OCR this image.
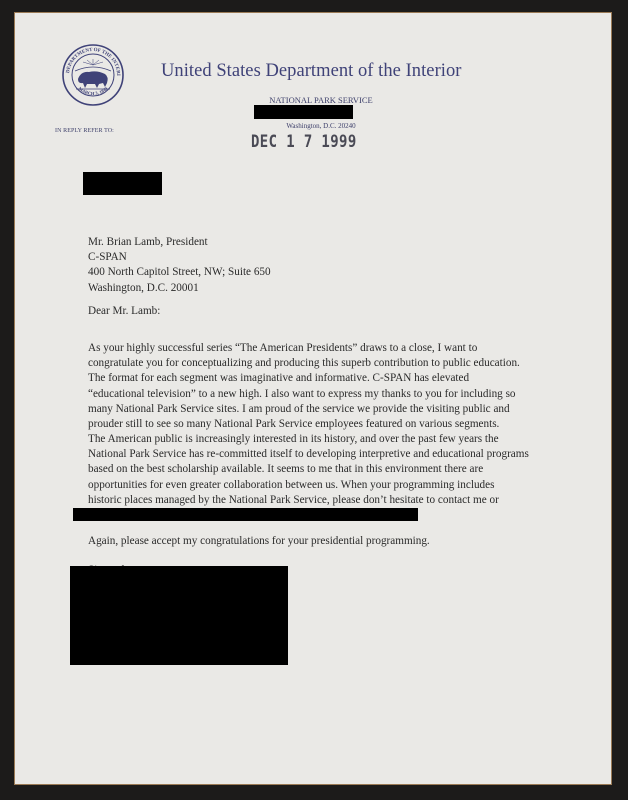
DEPARTMENT OF THE INTERI
MARCH 3, 1849
IN REPLY REFER TO:
United States Department of the Interior
NATIONAL PARK SERVICE
Washington, D.C. 20240
DEC 1 7 1999
Mr. Brian Lamb, President
C-SPAN
400 North Capitol Street, NW; Suite 650
Washington, D.C. 20001
Dear Mr. Lamb:
As your highly successful series “The American Presidents” draws to a close, I want to
congratulate you for conceptualizing and producing this superb contribution to public education.
The format for each segment was imaginative and informative. C-SPAN has elevated
“educational television” to a new high. I also want to express my thanks to you for including so
many National Park Service sites. I am proud of the service we provide the visiting public and
prouder still to see so many National Park Service employees featured on various segments.
The American public is increasingly interested in its history, and over the past few years the
National Park Service has re-committed itself to developing interpretive and educational programs
based on the best scholarship available. It seems to me that in this environment there are
opportunities for even greater collaboration between us. When your programming includes
historic places managed by the National Park Service, please don’t hesitate to contact me or
Again, please accept my congratulations for your presidential programming.
